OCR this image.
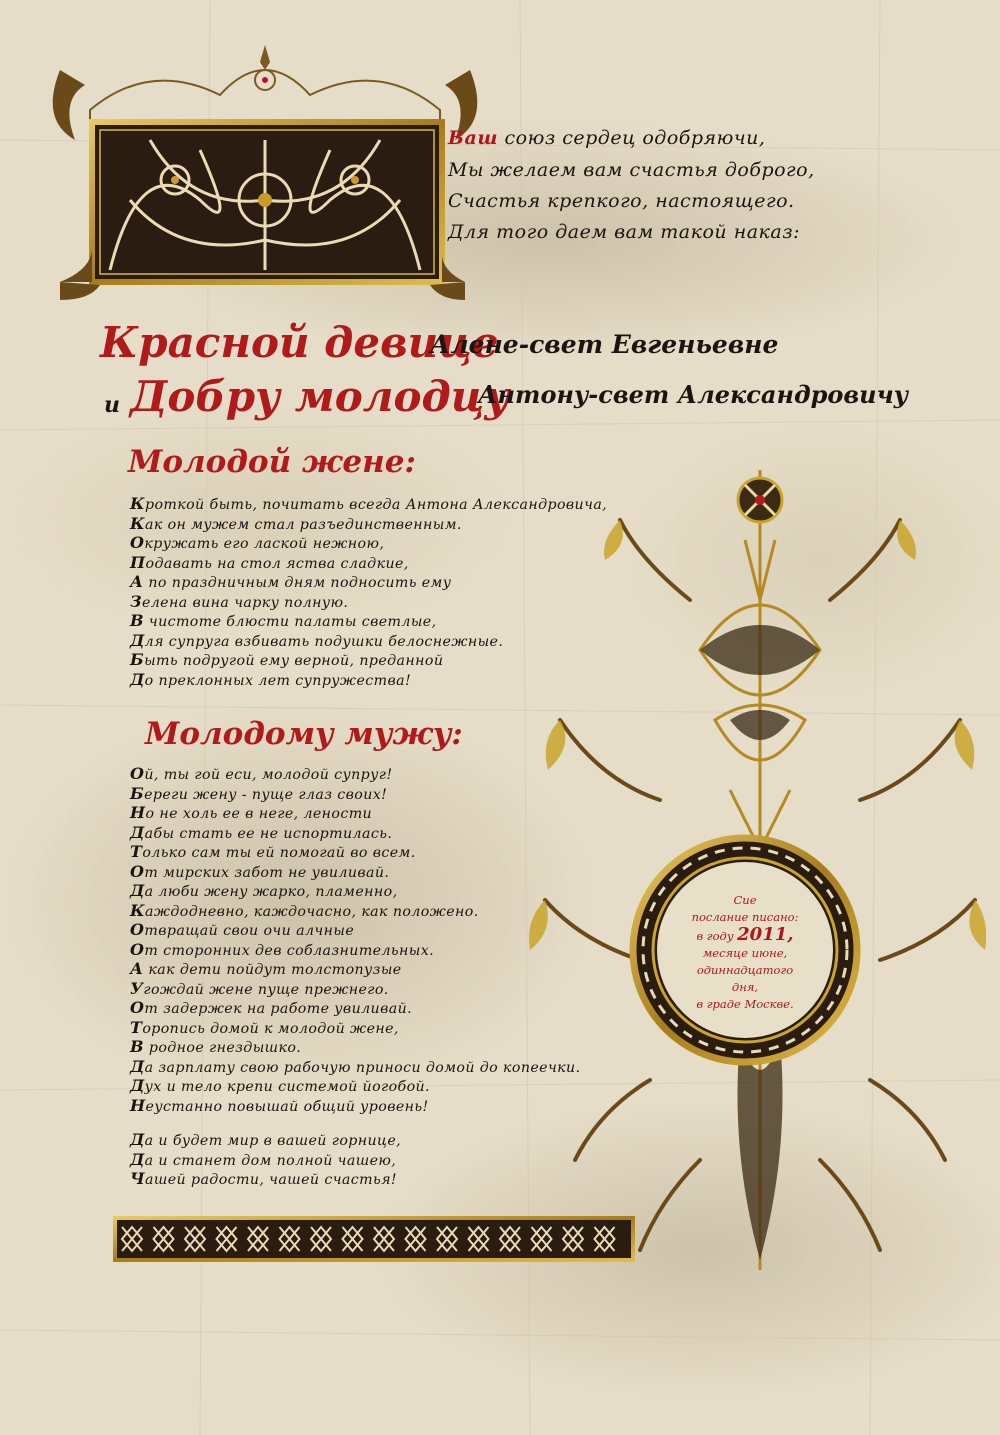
Ваш союз сердец одобряючи,
Мы желаем вам счастья доброго,
Счастья крепкого, настоящего.
Для того даем вам такой наказ:
Красной девице
Алене-свет Евгеньевне
и Добру молодцу
Антону-свет Александровичу
Молодой жене:
Кроткой быть, почитать всегда Антона Александровича,
Как он мужем стал разъединственным.
Окружать его лаской нежною,
Подавать на стол яства сладкие,
А по праздничным дням подносить ему
Зелена вина чарку полную.
В чистоте блюсти палаты светлые,
Для супруга взбивать подушки белоснежные.
Быть подругой ему верной, преданной
До преклонных лет супружества!
Молодому мужу:
Ой, ты гой еси, молодой супруг!
Береги жену - пуще глаз своих!
Но не холь ее в неге, лености
Дабы стать ее не испортилась.
Только сам ты ей помогай во всем.
От мирских забот не увиливай.
Да люби жену жарко, пламенно,
Каждодневно, каждочасно, как положено.
Отвращай свои очи алчные
От сторонних дев соблазнительных.
А как дети пойдут толстопузые
Угождай жене пуще прежнего.
От задержек на работе увиливай.
Торопись домой к молодой жене,
В родное гнездышко.
Да зарплату свою рабочую приноси домой до копеечки.
Дух и тело крепи системой йогобой.
Неустанно повышай общий уровень!
Да и будет мир в вашей горнице,
Да и станет дом полной чашею,
Чашей радости, чашей счастья!
Сие
послание писано:
в году 2011,
месяце июне,
одиннадцатого
дня,
в граде Москве.
